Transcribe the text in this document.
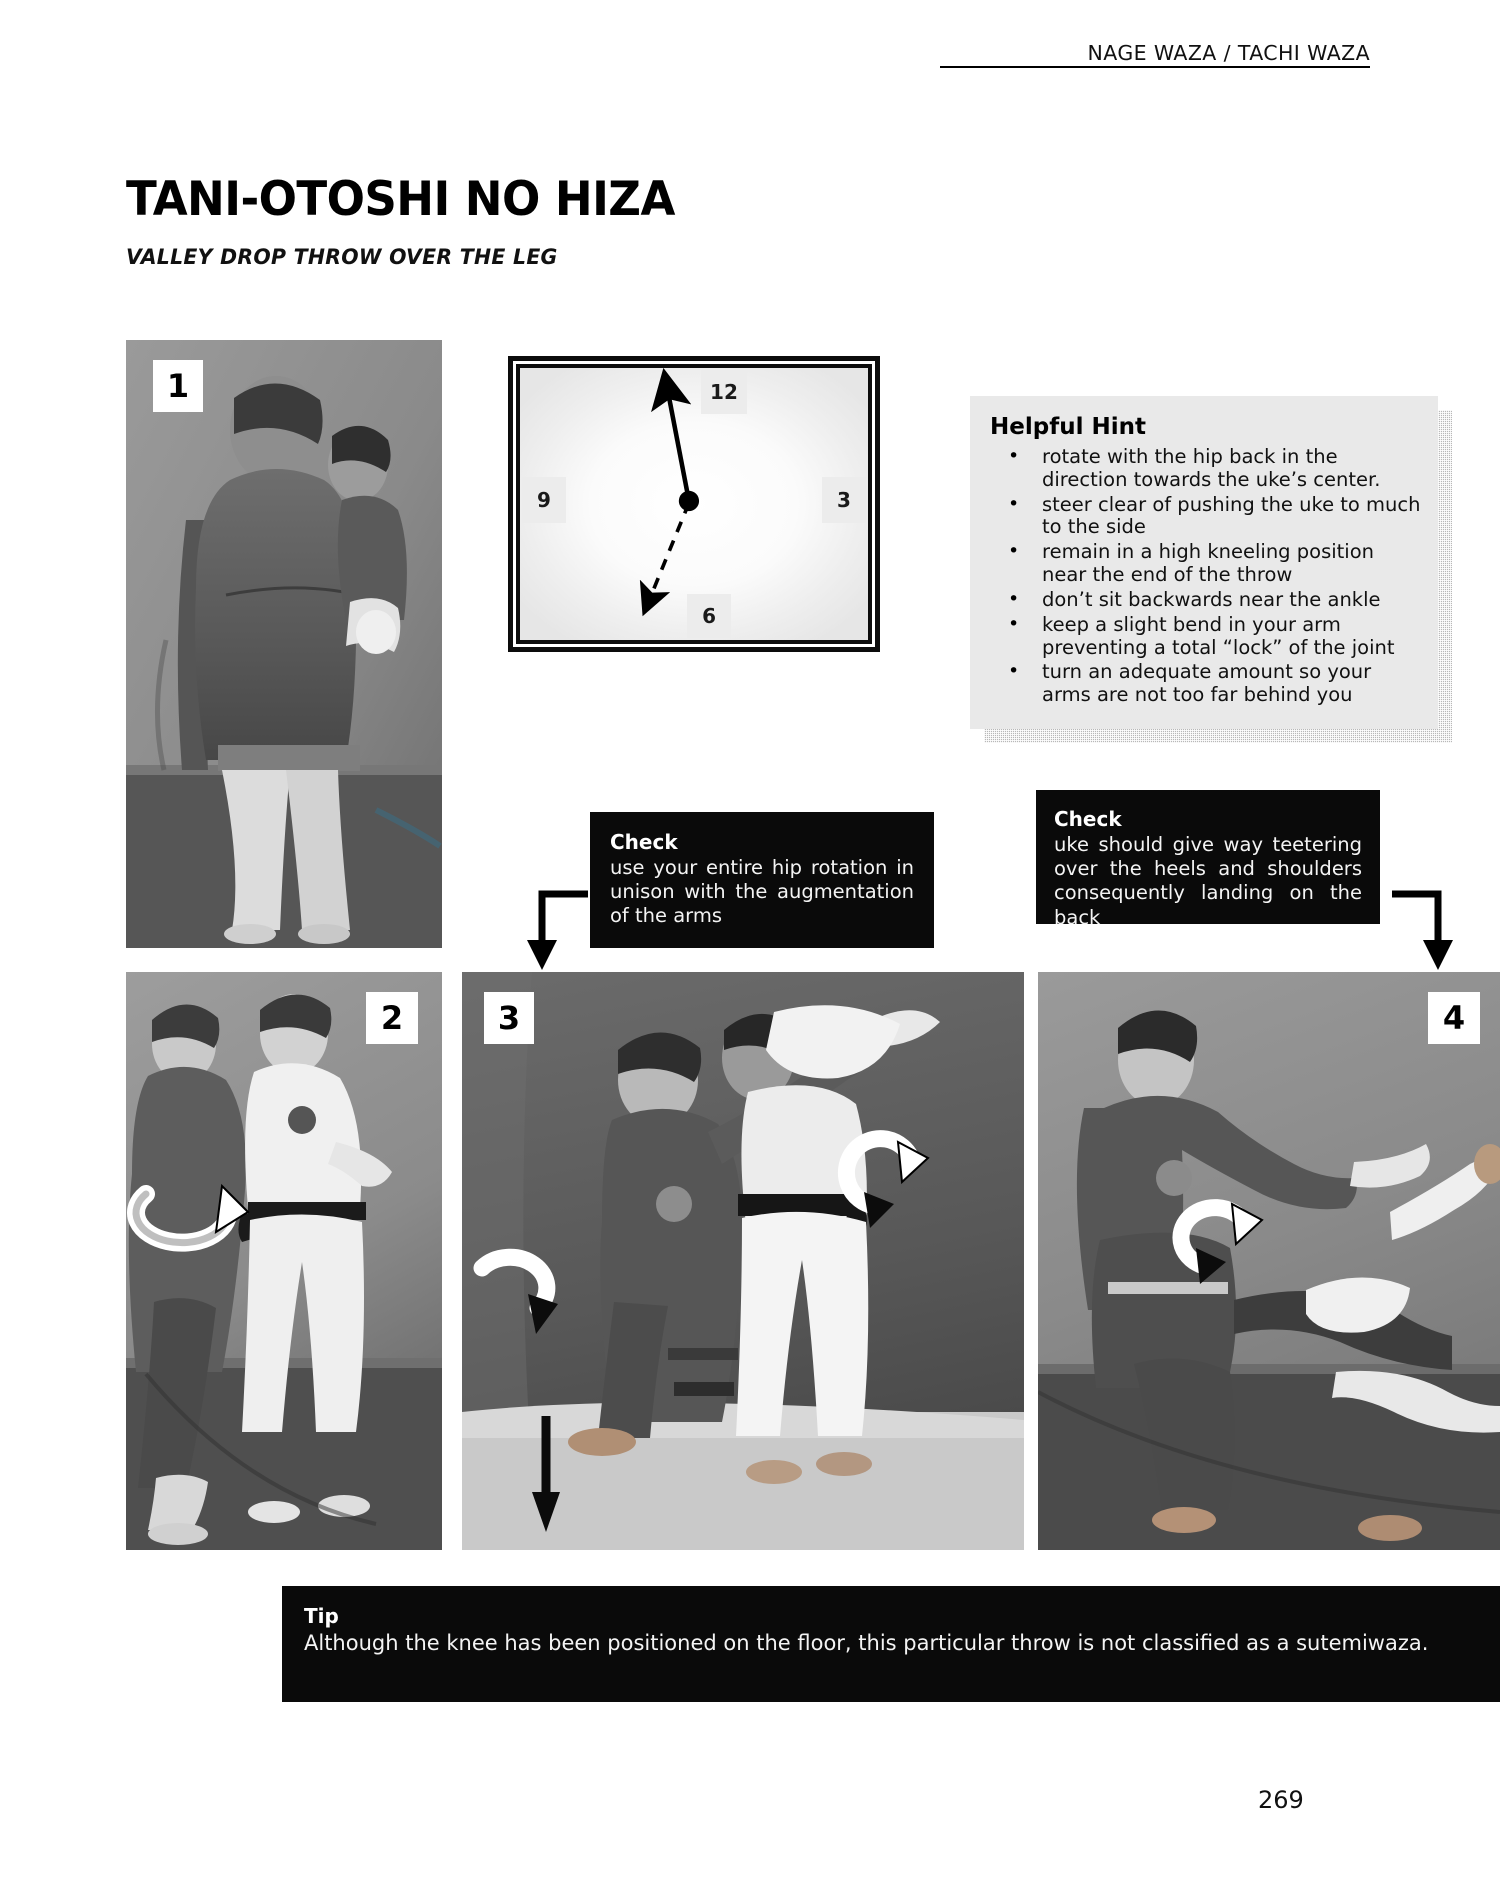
NAGE WAZA / TACHI WAZA
TANI-OTOSHI NO HIZA
VALLEY DROP THROW OVER THE LEG
1	12
3
6
9
Helpful Hint
• rotate with the hip back in the direction towards the uke’s center.
• steer clear of pushing the uke to much to the side
• remain in a high kneeling position near the end of the throw
• don’t sit backwards near the ankle
• keep a slight bend in your arm preventing a total “lock” of the joint
• turn an adequate amount so your arms are not too far behind you
Check
use your entire hip rotation in unison with the augmentation of the arms
Check
uke should give way teetering over the heels and shoulders consequently landing on the back
2	3	4
Tip
Although the knee has been positioned on the floor, this particular throw is not classified as a sutemiwaza.
269
